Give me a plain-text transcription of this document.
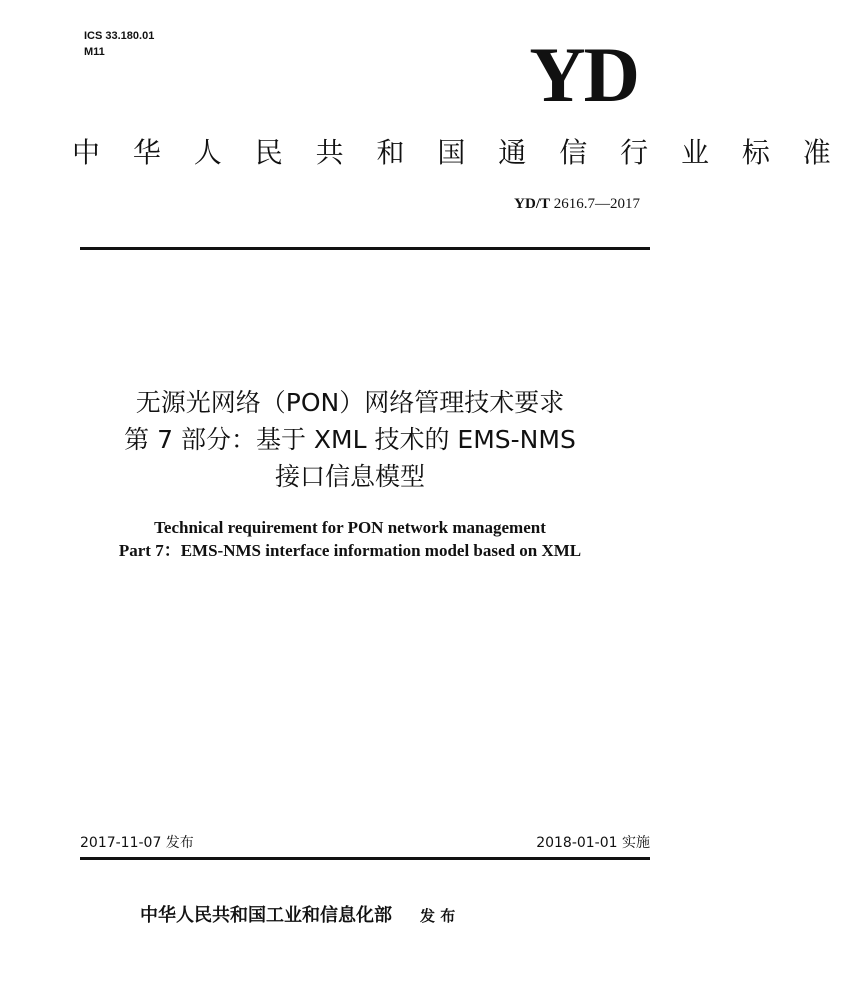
ICS 33.180.01
M11	YD
中 华 人 民 共 和 国 通 信 行 业 标 准
YD/T 2616.7—2017
无源光网络（PON）网络管理技术要求
第 7 部分：基于 XML 技术的 EMS-NMS
接口信息模型
Technical requirement for PON network management
Part 7：EMS-NMS interface information model based on XML
2017-11-07 发布	2018-01-01 实施
中华人民共和国工业和信息化部 发 布
